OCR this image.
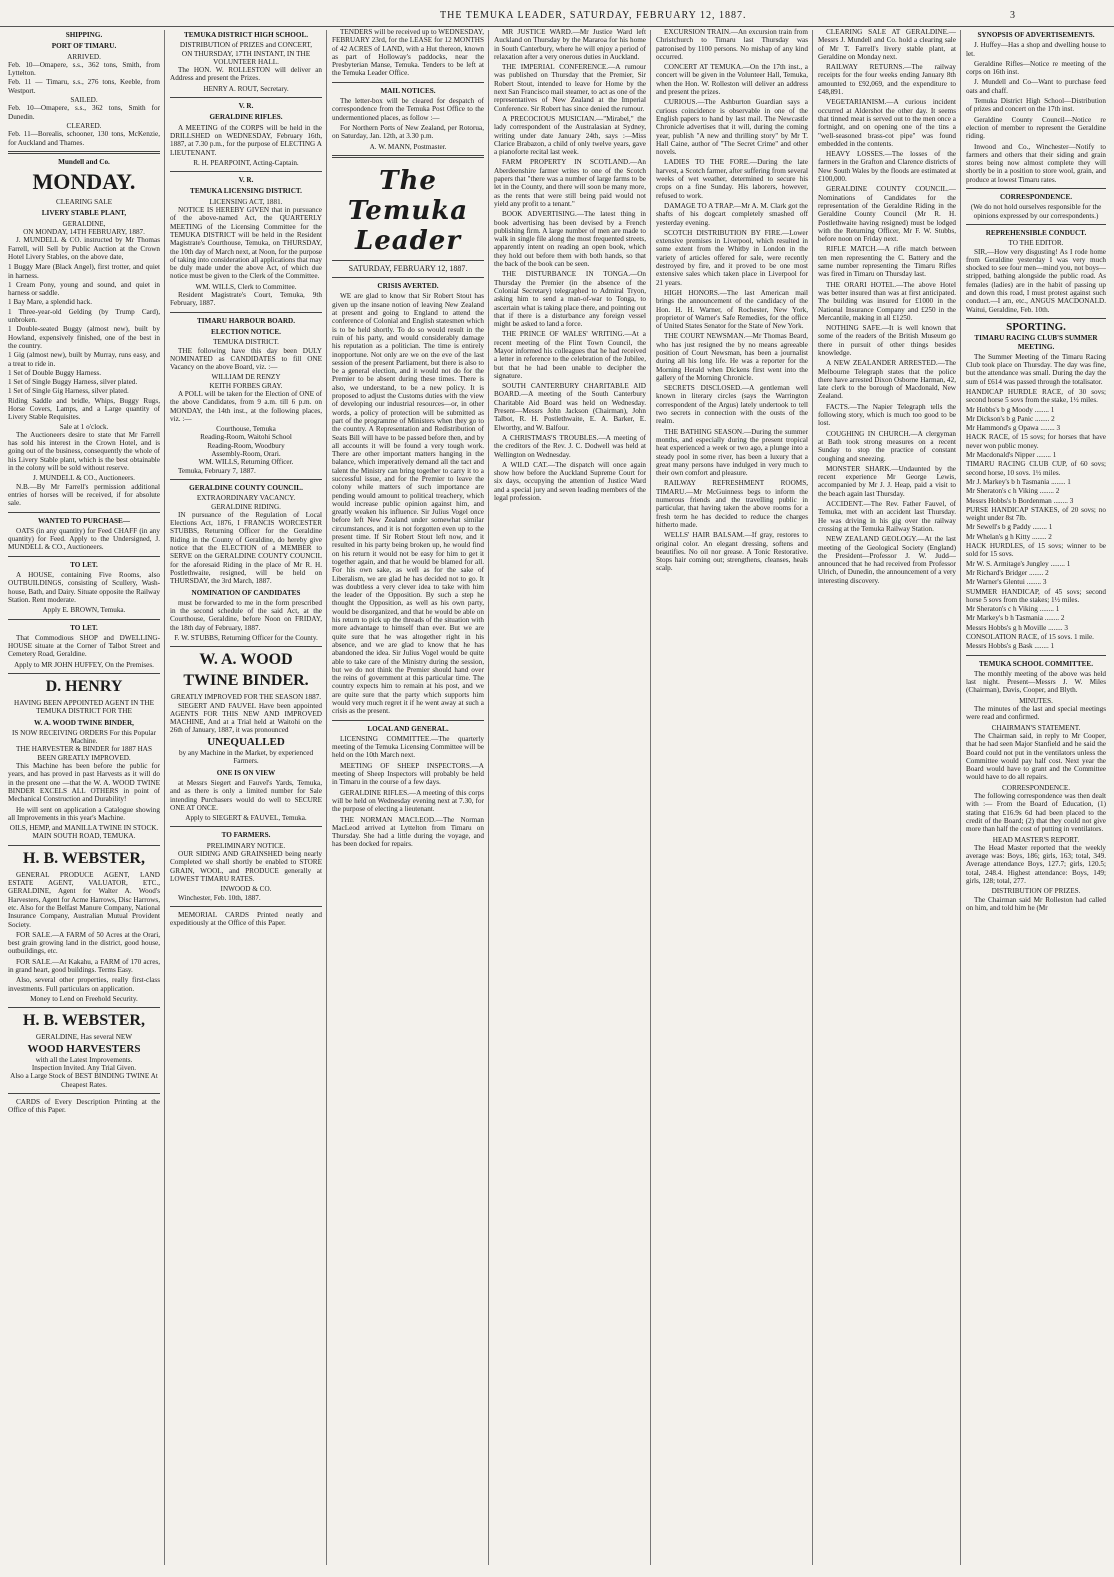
THE TEMUKA LEADER, SATURDAY, FEBRUARY 12, 1887.	3
SHIPPING.
PORT OF TIMARU.
ARRIVED.
Feb. 10—Omapere, s.s., 362 tons, Smith, from Lyttelton.
Feb. 11 — Timaru, s.s., 276 tons, Keeble, from Westport.
SAILED.
Feb. 10—Omapere, s.s., 362 tons, Smith for Dunedin.
CLEARED.
Feb. 11—Borealis, schooner, 130 tons, McKenzie, for Auckland and Thames.
Mundell and Co.
MONDAY.
CLEARING SALE
LIVERY STABLE PLANT,
GERALDINE,
ON MONDAY, 14TH FEBRUARY, 1887.
J. MUNDELL & CO. instructed by Mr Thomas Farrell, will Sell by Public Auction at the Crown Hotel Livery Stables, on the above date,
1 Buggy Mare (Black Angel), first trotter, and quiet in harness.
1 Cream Pony, young and sound, and quiet in harness or saddle.
1 Bay Mare, a splendid hack.
1 Three-year-old Gelding (by Trump Card), unbroken.
1 Double-seated Buggy (almost new), built by Howland, expensively finished, one of the best in the country.
1 Gig (almost new), built by Murray, runs easy, and a treat to ride in.
1 Set of Double Buggy Harness.
1 Set of Single Buggy Harness, silver plated.
1 Set of Single Gig Harness, silver plated.
Riding Saddle and bridle, Whips, Buggy Rugs, Horse Covers, Lamps, and a Large quantity of Livery Stable Requisites.
Sale at 1 o'clock.
The Auctioneers desire to state that Mr Farrell has sold his interest in the Crown Hotel, and is going out of the business, consequently the whole of his Livery Stable plant, which is the best obtainable in the colony will be sold without reserve.
J. MUNDELL & CO., Auctioneers.
N.B.—By Mr Farrell's permission additional entries of horses will be received, if for absolute sale.
WANTED TO PURCHASE—
OATS (in any quantity) for Feed CHAFF (in any quantity) for Feed. Apply to the Undersigned, J. MUNDELL & CO., Auctioneers.
TO LET.
A HOUSE, containing Five Rooms, also OUTBUILDINGS, consisting of Scullery, Wash-house, Bath, and Dairy. Situate opposite the Railway Station. Rent moderate.
Apply E. BROWN, Temuka.
TO LET.
That Commodious SHOP and DWELLING-HOUSE situate at the Corner of Talbot Street and Cemetery Road, Geraldine.
Apply to MR JOHN HUFFEY, On the Premises.
D. HENRY
HAVING BEEN APPOINTED AGENT IN THE TEMUKA DISTRICT FOR THE
W. A. WOOD TWINE BINDER,
IS NOW RECEIVING ORDERS For this Popular Machine.
THE HARVESTER & BINDER for 1887 HAS BEEN GREATLY IMPROVED.
This Machine has been before the public for years, and has proved in past Harvests as it will do in the present one —that the W. A. WOOD TWINE BINDER EXCELS ALL OTHERS in point of Mechanical Construction and Durability!
He will sent on application a Catalogue showing all Improvements in this year's Machine.
OILS, HEMP, and MANILLA TWINE IN STOCK.
MAIN SOUTH ROAD, TEMUKA.
H. B. WEBSTER,
GENERAL PRODUCE AGENT, LAND ESTATE AGENT, VALUATOR, ETC., GERALDINE, Agent for Walter A. Wood's Harvesters, Agent for Acme Harrows, Disc Harrows, etc. Also for the Belfast Manure Company, National Insurance Company, Australian Mutual Provident Society.
FOR SALE.—A FARM of 50 Acres at the Orari, best grain growing land in the district, good house, outbuildings, etc.
FOR SALE.—At Kakahu, a FARM of 170 acres, in grand heart, good buildings. Terms Easy.
Also, several other properties, really first-class investments. Full particulars on application.
Money to Lend on Freehold Security.
H. B. WEBSTER,
GERALDINE, Has several NEW
WOOD HARVESTERS
with all the Latest Improvements.
Inspection Invited. Any Trial Given.
Also a Large Stock of BEST BINDING TWINE At Cheapest Rates.
CARDS of Every Description Printing at the Office of this Paper.
TEMUKA DISTRICT HIGH SCHOOL.
DISTRIBUTION of PRIZES and CONCERT,
ON THURSDAY, 17TH INSTANT, IN THE VOLUNTEER HALL.
The HON. W. ROLLESTON will deliver an Address and present the Prizes.
HENRY A. ROUT, Secretary.
V. R.
GERALDINE RIFLES.
A MEETING of the CORPS will be held in the DRILLSHED on WEDNESDAY, February 16th, 1887, at 7.30 p.m., for the purpose of ELECTING A LIEUTENANT.
R. H. PEARPOINT, Acting-Captain.
V. R.
TEMUKA LICENSING DISTRICT.
LICENSING ACT, 1881.
NOTICE IS HEREBY GIVEN that in pursuance of the above-named Act, the QUARTERLY MEETING of the Licensing Committee for the TEMUKA DISTRICT will be held in the Resident Magistrate's Courthouse, Temuka, on THURSDAY, the 10th day of March next, at Noon, for the purpose of taking into consideration all applications that may be duly made under the above Act, of which due notice must be given to the Clerk of the Committee.
WM. WILLS, Clerk to Committee.
Resident Magistrate's Court, Temuka, 9th February, 1887.
TIMARU HARBOUR BOARD.
ELECTION NOTICE.
TEMUKA DISTRICT.
THE following have this day been DULY NOMINATED as CANDIDATES to fill ONE Vacancy on the above Board, viz. :—
WILLIAM DE RENZY
KEITH FORBES GRAY.
A POLL will be taken for the Election of ONE of the above Candidates, from 9 a.m. till 6 p.m. on MONDAY, the 14th inst., at the following places, viz. :—
Courthouse, Temuka
Reading-Room, Waitohi School
Reading-Room, Woodbury
Assembly-Room, Orari.
WM. WILLS, Returning Officer.
Temuka, February 7, 1887.
GERALDINE COUNTY COUNCIL.
EXTRAORDINARY VACANCY.
GERALDINE RIDING.
IN pursuance of the Regulation of Local Elections Act, 1876, I FRANCIS WORCESTER STUBBS, Returning Officer for the Geraldine Riding in the County of Geraldine, do hereby give notice that the ELECTION of a MEMBER to SERVE on the GERALDINE COUNTY COUNCIL for the aforesaid Riding in the place of Mr R. H. Postlethwaite, resigned, will be held on THURSDAY, the 3rd March, 1887.
NOMINATION OF CANDIDATES
must be forwarded to me in the form prescribed in the second schedule of the said Act, at the Courthouse, Geraldine, before Noon on FRIDAY, the 18th day of February, 1887.
F. W. STUBBS, Returning Officer for the County.
W. A. WOOD
TWINE BINDER.
GREATLY IMPROVED FOR THE SEASON 1887.
SIEGERT AND FAUVEL Have been appointed AGENTS FOR THIS NEW AND IMPROVED MACHINE, And at a Trial held at Waitohi on the 26th of January, 1887, it was pronounced
UNEQUALLED
by any Machine in the Market, by experienced Farmers.
ONE IS ON VIEW
at Messrs Siegert and Fauvel's Yards, Temuka, and as there is only a limited number for Sale intending Purchasers would do well to SECURE ONE AT ONCE.
Apply to SIEGERT & FAUVEL, Temuka.
TO FARMERS.
PRELIMINARY NOTICE.
OUR SIDING AND GRAINSHED being nearly Completed we shall shortly be enabled to STORE GRAIN, WOOL, and PRODUCE generally at LOWEST TIMARU RATES.
INWOOD & CO.
Winchester, Feb. 10th, 1887.
MEMORIAL CARDS Printed neatly and expeditiously at the Office of this Paper.
TENDERS will be received up to WEDNESDAY, FEBRUARY 23rd, for the LEASE for 12 MONTHS of 42 ACRES of LAND, with a Hut thereon, known as part of Holloway's paddocks, near the Presbyterian Manse, Temuka. Tenders to be left at the Temuka Leader Office.
MAIL NOTICES.
The letter-box will be cleared for despatch of correspondence from the Temuka Post Office to the undermentioned places, as follow :—
For Northern Ports of New Zealand, per Rotorua, on Saturday, Jan. 12th, at 3.30 p.m.
A. W. MANN, Postmaster.
The Temuka Leader
SATURDAY, FEBRUARY 12, 1887.
CRISIS AVERTED.
WE are glad to know that Sir Robert Stout has given up the insane notion of leaving New Zealand at present and going to England to attend the conference of Colonial and English statesmen which is to be held shortly. To do so would result in the ruin of his party, and would considerably damage his reputation as a politician. The time is entirely inopportune. Not only are we on the eve of the last session of the present Parliament, but there is also to be a general election, and it would not do for the Premier to be absent during these times. There is also, we understand, to be a new policy. It is proposed to adjust the Customs duties with the view of developing our industrial resources—or, in other words, a policy of protection will be submitted as part of the programme of Ministers when they go to the country. A Representation and Redistribution of Seats Bill will have to be passed before then, and by all accounts it will be found a very tough work. There are other important matters hanging in the balance, which imperatively demand all the tact and talent the Ministry can bring together to carry it to a successful issue, and for the Premier to leave the colony while matters of such importance are pending would amount to political treachery, which would increase public opinion against him, and greatly weaken his influence. Sir Julius Vogel once before left New Zealand under somewhat similar circumstances, and it is not forgotten even up to the present time. If Sir Robert Stout left now, and it resulted in his party being broken up, he would find on his return it would not be easy for him to get it together again, and that he would be blamed for all. For his own sake, as well as for the sake of Liberalism, we are glad he has decided not to go. It was doubtless a very clever idea to take with him the leader of the Opposition. By such a step he thought the Opposition, as well as his own party, would be disorganized, and that he would be able on his return to pick up the threads of the situation with more advantage to himself than ever. But we are quite sure that he was altogether right in his absence, and we are glad to know that he has abandoned the idea. Sir Julius Vogel would be quite able to take care of the Ministry during the session, but we do not think the Premier should hand over the reins of government at this particular time. The country expects him to remain at his post, and we are quite sure that the party which supports him would very much regret it if he went away at such a crisis as the present.
LOCAL AND GENERAL.
LICENSING COMMITTEE.—The quarterly meeting of the Temuka Licensing Committee will be held on the 10th March next.
MEETING OF SHEEP INSPECTORS.—A meeting of Sheep Inspectors will probably be held in Timaru in the course of a few days.
GERALDINE RIFLES.—A meeting of this corps will be held on Wednesday evening next at 7.30, for the purpose of electing a lieutenant.
THE NORMAN MACLEOD.—The Norman MacLeod arrived at Lyttelton from Timaru on Thursday. She had a little during the voyage, and has been docked for repairs.
MR JUSTICE WARD.—Mr Justice Ward left Auckland on Thursday by the Mararoa for his home in South Canterbury, where he will enjoy a period of relaxation after a very onerous duties in Auckland.
THE IMPERIAL CONFERENCE.—A rumour was published on Thursday that the Premier, Sir Robert Stout, intended to leave for Home by the next San Francisco mail steamer, to act as one of the representatives of New Zealand at the Imperial Conference. Sir Robert has since denied the rumour.
A PRECOCIOUS MUSICIAN.—"Mirabel," the lady correspondent of the Australasian at Sydney, writing under date January 24th, says :—Miss Clarice Brabazon, a child of only twelve years, gave a pianoforte recital last week.
FARM PROPERTY IN SCOTLAND.—An Aberdeenshire farmer writes to one of the Scotch papers that "there was a number of large farms to be let in the County, and there will soon be many more, as the rents that were still being paid would not yield any profit to a tenant."
BOOK ADVERTISING.—The latest thing in book advertising has been devised by a French publishing firm. A large number of men are made to walk in single file along the most frequented streets, apparently intent on reading an open book, which they hold out before them with both hands, so that the back of the book can be seen.
THE DISTURBANCE IN TONGA.—On Thursday the Premier (in the absence of the Colonial Secretary) telegraphed to Admiral Tryon, asking him to send a man-of-war to Tonga, to ascertain what is taking place there, and pointing out that if there is a disturbance any foreign vessel might be asked to land a force.
THE PRINCE OF WALES' WRITING.—At a recent meeting of the Flint Town Council, the Mayor informed his colleagues that he had received a letter in reference to the celebration of the Jubilee, but that he had been unable to decipher the signature.
SOUTH CANTERBURY CHARITABLE AID BOARD.—A meeting of the South Canterbury Charitable Aid Board was held on Wednesday. Present—Messrs John Jackson (Chairman), John Talbot, R. H. Postlethwaite, E. A. Barker, E. Elworthy, and W. Balfour.
A CHRISTMAS'S TROUBLES.—A meeting of the creditors of the Rev. J. C. Dodwell was held at Wellington on Wednesday.
A WILD CAT.—The dispatch will once again show how before the Auckland Supreme Court for six days, occupying the attention of Justice Ward and a special jury and seven leading members of the legal profession.
EXCURSION TRAIN.—An excursion train from Christchurch to Timaru last Thursday was patronised by 1100 persons. No mishap of any kind occurred.
CONCERT AT TEMUKA.—On the 17th inst., a concert will be given in the Volunteer Hall, Temuka, when the Hon. W. Rolleston will deliver an address and present the prizes.
CURIOUS.—The Ashburton Guardian says a curious coincidence is observable in one of the English papers to hand by last mail. The Newcastle Chronicle advertises that it will, during the coming year, publish "A new and thrilling story" by Mr T. Hall Caine, author of "The Secret Crime" and other novels.
LADIES TO THE FORE.—During the late harvest, a Scotch farmer, after suffering from several weeks of wet weather, determined to secure his crops on a fine Sunday. His laborers, however, refused to work.
DAMAGE TO A TRAP.—Mr A. M. Clark got the shafts of his dogcart completely smashed off yesterday evening.
SCOTCH DISTRIBUTION BY FIRE.—Lower extensive premises in Liverpool, which resulted in some extent from the Whitby in London in the variety of articles offered for sale, were recently destroyed by fire, and it proved to be one most extensive sales which taken place in Liverpool for 21 years.
HIGH HONORS.—The last American mail brings the announcement of the candidacy of the Hon. H. H. Warner, of Rochester, New York, proprietor of Warner's Safe Remedies, for the office of United States Senator for the State of New York.
THE COURT NEWSMAN.—Mr Thomas Beard, who has just resigned the by no means agreeable position of Court Newsman, has been a journalist during all his long life. He was a reporter for the Morning Herald when Dickens first went into the gallery of the Morning Chronicle.
SECRETS DISCLOSED.—A gentleman well known in literary circles (says the Warrington correspondent of the Argus) lately undertook to tell two secrets in connection with the ousts of the realm.
THE BATHING SEASON.—During the summer months, and especially during the present tropical heat experienced a week or two ago, a plunge into a steady pool in some river, has been a luxury that a great many persons have indulged in very much to their own comfort and pleasure.
RAILWAY REFRESHMENT ROOMS, TIMARU.—Mr McGuinness begs to inform the numerous friends and the travelling public in particular, that having taken the above rooms for a fresh term he has decided to reduce the charges hitherto made.
WELLS' HAIR BALSAM.—If gray, restores to original color. An elegant dressing, softens and beautifies. No oil nor grease. A Tonic Restorative. Stops hair coming out; strengthens, cleanses, heals scalp.
CLEARING SALE AT GERALDINE.—Messrs J. Mundell and Co. hold a clearing sale of Mr T. Farrell's livery stable plant, at Geraldine on Monday next.
RAILWAY RETURNS.—The railway receipts for the four weeks ending January 8th amounted to £92,069, and the expenditure to £48,891.
VEGETARIANISM.—A curious incident occurred at Aldershot the other day. It seems that tinned meat is served out to the men once a fortnight, and on opening one of the tins a "well-seasoned brass-cot pipe" was found embedded in the contents.
HEAVY LOSSES.—The losses of the farmers in the Grafton and Clarence districts of New South Wales by the floods are estimated at £100,000.
GERALDINE COUNTY COUNCIL.—Nominations of Candidates for the representation of the Geraldine Riding in the Geraldine County Council (Mr R. H. Postlethwaite having resigned) must be lodged with the Returning Officer, Mr F. W. Stubbs, before noon on Friday next.
RIFLE MATCH.—A rifle match between ten men representing the C. Battery and the same number representing the Timaru Rifles was fired in Timaru on Thursday last.
THE ORARI HOTEL.—The above Hotel was better insured than was at first anticipated. The building was insured for £1000 in the National Insurance Company and £250 in the Mercantile, making in all £1250.
NOTHING SAFE.—It is well known that some of the readers of the British Museum go there in pursuit of other things besides knowledge.
A NEW ZEALANDER ARRESTED.—The Melbourne Telegraph states that the police there have arrested Dixon Osborne Harman, 42, late clerk to the borough of Macdonald, New Zealand.
FACTS.—The Napier Telegraph tells the following story, which is much too good to be lost.
COUGHING IN CHURCH.—A clergyman at Bath took strong measures on a recent Sunday to stop the practice of constant coughing and sneezing.
MONSTER SHARK.—Undaunted by the recent experience Mr George Lewis, accompanied by Mr J. J. Heap, paid a visit to the beach again last Thursday.
ACCIDENT.—The Rev. Father Fauvel, of Temuka, met with an accident last Thursday. He was driving in his gig over the railway crossing at the Temuka Railway Station.
NEW ZEALAND GEOLOGY.—At the last meeting of the Geological Society (England) the President—Professor J. W. Judd—announced that he had received from Professor Ulrich, of Dunedin, the announcement of a very interesting discovery.
SYNOPSIS OF ADVERTISEMENTS.
J. Huffey—Has a shop and dwelling house to let.
Geraldine Rifles—Notice re meeting of the corps on 16th inst.
J. Mundell and Co—Want to purchase feed oats and chaff.
Temuka District High School—Distribution of prizes and concert on the 17th inst.
Geraldine County Council—Notice re election of member to represent the Geraldine riding.
Inwood and Co., Winchester—Notify to farmers and others that their siding and grain stores being now almost complete they will shortly be in a position to store wool, grain, and produce at lowest Timaru rates.
CORRESPONDENCE.
(We do not hold ourselves responsible for the opinions expressed by our correspondents.)
REPREHENSIBLE CONDUCT.
TO THE EDITOR.
SIR,—How very disgusting! As I rode home from Geraldine yesterday I was very much shocked to see four men—mind you, not boys—stripped, bathing alongside the public road. As females (ladies) are in the habit of passing up and down this road, I must protest against such conduct.—I am, etc., ANGUS MACDONALD. Waitui, Geraldine, Feb. 10th.
SPORTING.
TIMARU RACING CLUB'S SUMMER MEETING.
The Summer Meeting of the Timaru Racing Club took place on Thursday. The day was fine, but the attendance was small. During the day the sum of £614 was passed through the totalisator.
HANDICAP HURDLE RACE, of 30 sovs; second horse 5 sovs from the stake, 1½ miles.
Mr Hobbs's b g Moody ........ 1
Mr Dickson's b g Panic ........ 2
Mr Hammond's g Opawa ........ 3
HACK RACE, of 15 sovs; for horses that have never won public money.
Mr Macdonald's Nipper ........ 1
TIMARU RACING CLUB CUP, of 60 sovs; second horse, 10 sovs. 1½ miles.
Mr J. Markey's b h Tasmania ........ 1
Mr Sheraton's c h Viking ........ 2
Messrs Hobbs's b Bordenman ........ 3
PURSE HANDICAP STAKES, of 20 sovs; no weight under 8st 7lb.
Mr Sewell's b g Paddy ........ 1
Mr Whelan's g h Kitty ........ 2
HACK HURDLES, of 15 sovs; winner to be sold for 15 sovs.
Mr W. S. Armitage's Jungley ........ 1
Mr Richard's Bridger ........ 2
Mr Warner's Glentui ........ 3
SUMMER HANDICAP, of 45 sovs; second horse 5 sovs from the stakes; 1½ miles.
Mr Sheraton's c h Viking ........ 1
Mr Markey's b h Tasmania ........ 2
Messrs Hobbs's g h Moville ........ 3
CONSOLATION RACE, of 15 sovs. 1 mile.
Messrs Hobbs's g Bask ........ 1
TEMUKA SCHOOL COMMITTEE.
The monthly meeting of the above was held last night. Present—Messrs J. W. Miles (Chairman), Davis, Cooper, and Blyth.
MINUTES.
The minutes of the last and special meetings were read and confirmed.
CHAIRMAN'S STATEMENT.
The Chairman said, in reply to Mr Cooper, that he had seen Major Stanfield and he said the Board could not put in the ventilators unless the Committee would pay half cost. Next year the Board would have to grant and the Committee would have to do all repairs.
CORRESPONDENCE.
The following correspondence was then dealt with :— From the Board of Education, (1) stating that £16.9s 6d had been placed to the credit of the Board; (2) that they could not give more than half the cost of putting in ventilators.
HEAD MASTER'S REPORT.
The Head Master reported that the weekly average was: Boys, 186; girls, 163; total, 349. Average attendance Boys, 127.7; girls, 120.5; total, 248.4. Highest attendance: Boys, 149; girls, 128; total, 277.
DISTRIBUTION OF PRIZES.
The Chairman said Mr Rolleston had called on him, and told him he (Mr
